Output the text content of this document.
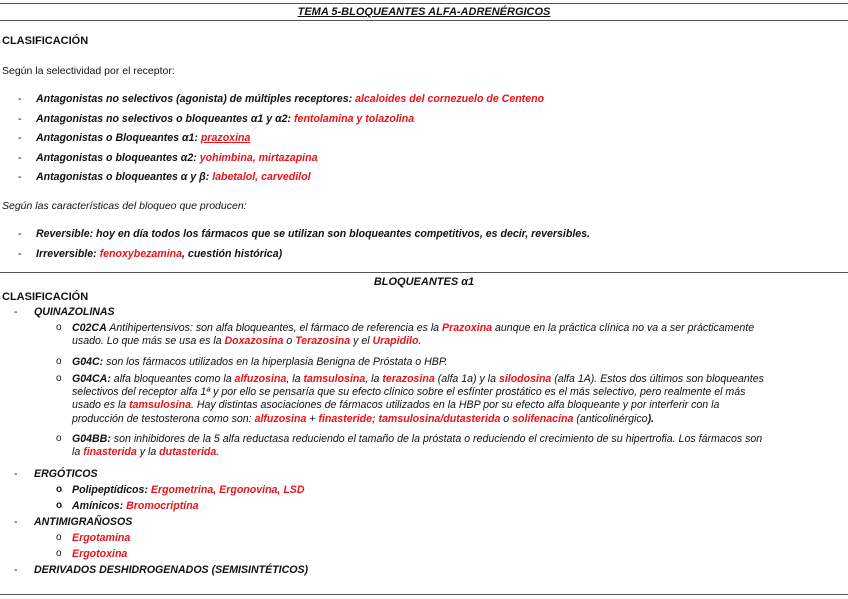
TEMA 5-BLOQUEANTES ALFA-ADRENÉRGICOS
CLASIFICACIÓN
Según la selectividad por el receptor:
- Antagonistas no selectivos (agonista) de múltiples receptores: alcaloides del cornezuelo de Centeno
- Antagonistas no selectivos o bloqueantes α1 y α2: fentolamina y tolazolina
- Antagonistas o Bloqueantes α1: prazoxina
- Antagonistas o bloqueantes α2: yohimbina, mirtazapina
- Antagonistas o bloqueantes α y β: labetalol, carvedilol
Según las características del bloqueo que producen:
- Reversible: hoy en día todos los fármacos que se utilizan son bloqueantes competitivos, es decir, reversibles.
- Irreversible: fenoxybezamina, cuestión histórica)
BLOQUEANTES α1
CLASIFICACIÓN
- QUINAZOLINAS
o C02CA Antihipertensivos: son alfa bloqueantes, el fármaco de referencia es la Prazoxina aunque en la práctica clínica no va a ser prácticamente
usado. Lo que más se usa es la Doxazosina o Terazosina y el Urapidilo.
o G04C: son los fármacos utilizados en la hiperplasia Benigna de Próstata o HBP.
o G04CA: alfa bloqueantes como la alfuzosina, la tamsulosina, la terazosina (alfa 1a) y la silodosina (alfa 1A). Estos dos últimos son bloqueantes
selectivos del receptor alfa 1ª y por ello se pensaría que su efecto clínico sobre el esfínter prostático es el más selectivo, pero realmente el más
usado es la tamsulosina. Hay distintas asociaciones de fármacos utilizados en la HBP por su efecto alfa bloqueante y por interferir con la
producción de testosterona como son: alfuzosina + finasteride; tamsulosina/dutasterida o solifenacina (anticolinérgico).
o G04BB: son inhibidores de la 5 alfa reductasa reduciendo el tamaño de la próstata o reduciendo el crecimiento de su hipertrofia. Los fármacos son
la finasterida y la dutasterida.
- ERGÓTICOS
o Polipeptídicos: Ergometrina, Ergonovina, LSD
o Amínicos: Bromocriptina
- ANTIMIGRAÑOSOS
o Ergotamina
o Ergotoxina
- DERIVADOS DESHIDROGENADOS (SEMISINTÉTICOS)
